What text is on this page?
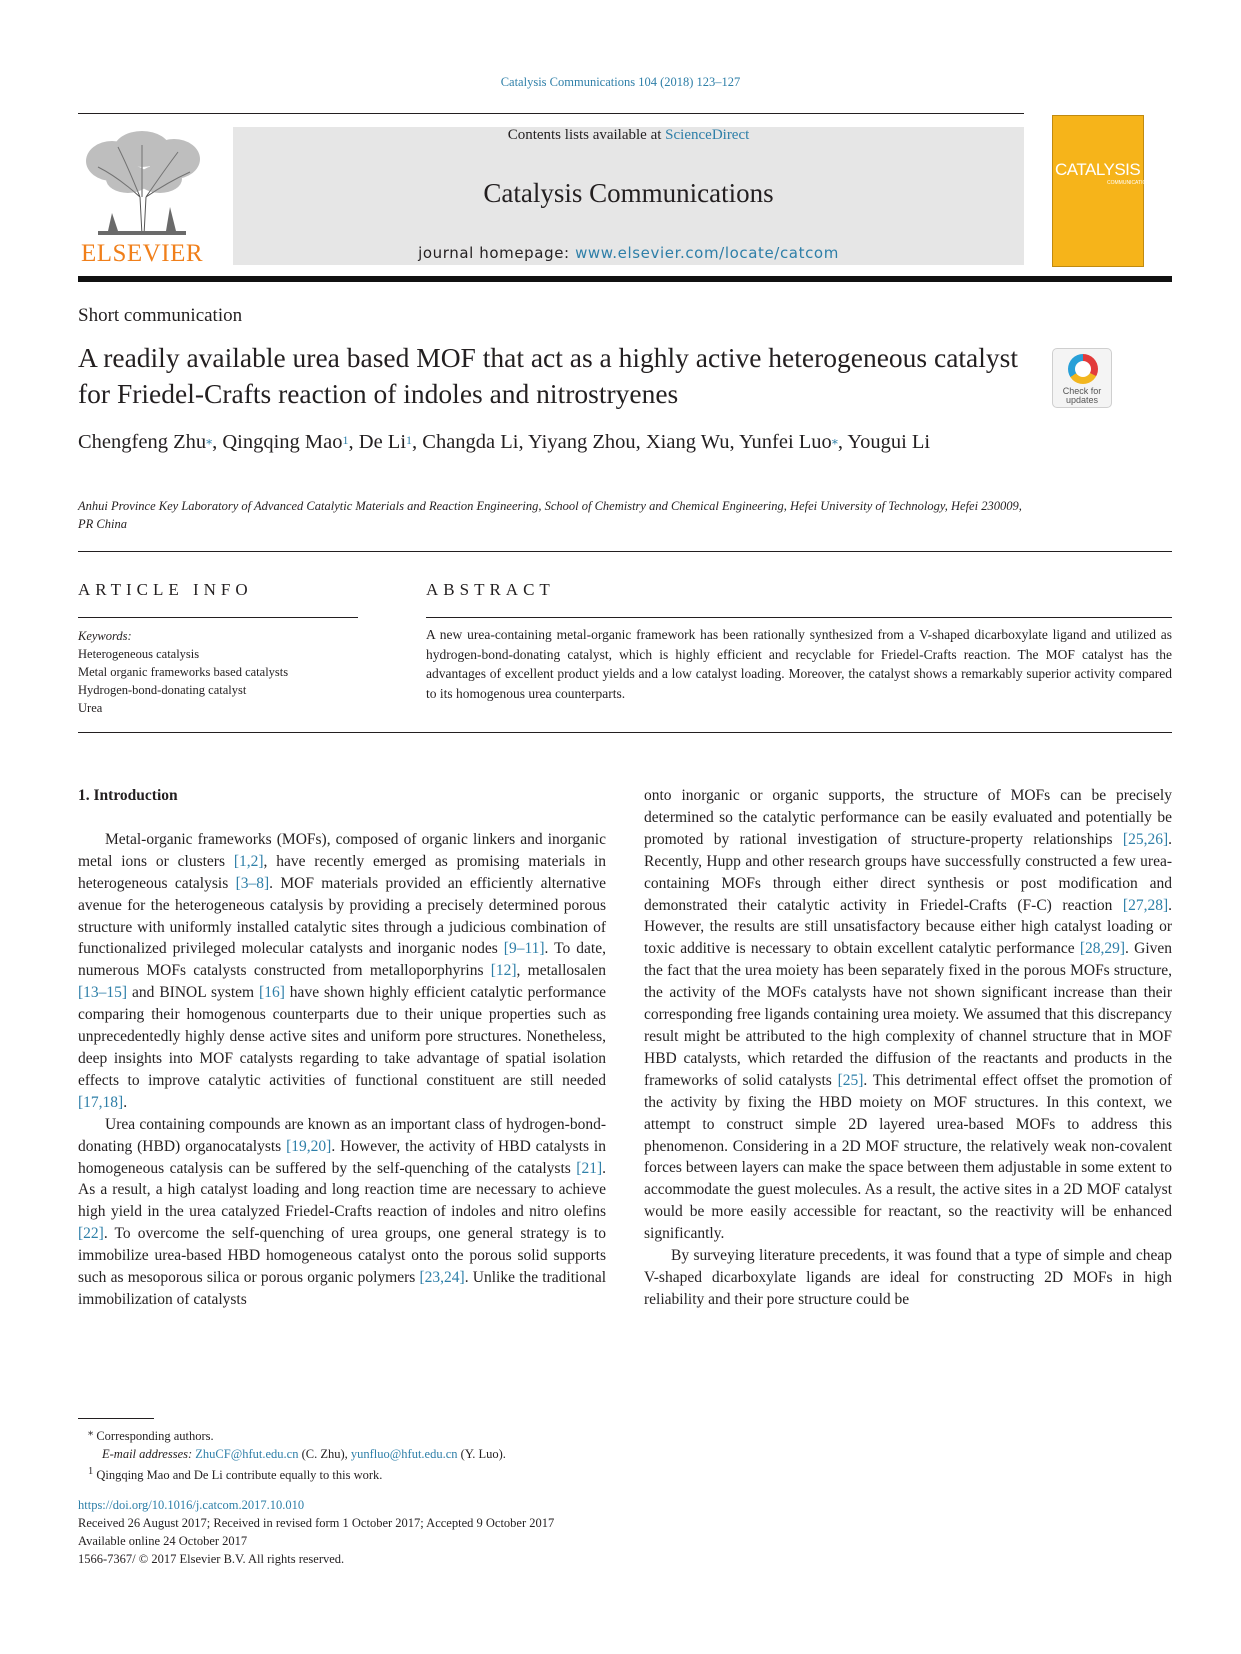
Catalysis Communications 104 (2018) 123–127
ELSEVIER
Contents lists available at ScienceDirect
Catalysis Communications
journal homepage: www.elsevier.com/locate/catcom
CATALYSIS
COMMUNICATIONS
Short communication
A readily available urea based MOF that act as a highly active heterogeneous catalyst for Friedel-Crafts reaction of indoles and nitrostryenes	Check for updates
Chengfeng Zhu⁎, Qingqing Mao$^1$, De Li$^1$, Changda Li, Yiyang Zhou, Xiang Wu, Yunfei Luo⁎, Yougui Li
Anhui Province Key Laboratory of Advanced Catalytic Materials and Reaction Engineering, School of Chemistry and Chemical Engineering, Hefei University of Technology, Hefei 230009, PR China
ARTICLE INFO
Keywords:
Heterogeneous catalysis
Metal organic frameworks based catalysts
Hydrogen-bond-donating catalyst
Urea
ABSTRACT
A new urea-containing metal-organic framework has been rationally synthesized from a V-shaped dicarboxylate ligand and utilized as hydrogen-bond-donating catalyst, which is highly efficient and recyclable for Friedel-Crafts reaction. The MOF catalyst has the advantages of excellent product yields and a low catalyst loading. Moreover, the catalyst shows a remarkably superior activity compared to its homogenous urea counterparts.
1. Introduction

Metal-organic frameworks (MOFs), composed of organic linkers and inorganic metal ions or clusters [1,2], have recently emerged as promising materials in heterogeneous catalysis [3–8]. MOF materials provided an efficiently alternative avenue for the heterogeneous catalysis by providing a precisely determined porous structure with uniformly installed catalytic sites through a judicious combination of functionalized privileged molecular catalysts and inorganic nodes [9–11]. To date, numerous MOFs catalysts constructed from metalloporphyrins [12], metallosalen [13–15] and BINOL system [16] have shown highly efficient catalytic performance comparing their homogenous counterparts due to their unique properties such as unprecedentedly highly dense active sites and uniform pore structures. Nonetheless, deep insights into MOF catalysts regarding to take advantage of spatial isolation effects to improve catalytic activities of functional constituent are still needed [17,18].

Urea containing compounds are known as an important class of hydrogen-bond-donating (HBD) organocatalysts [19,20]. However, the activity of HBD catalysts in homogeneous catalysis can be suffered by the self-quenching of the catalysts [21]. As a result, a high catalyst loading and long reaction time are necessary to achieve high yield in the urea catalyzed Friedel-Crafts reaction of indoles and nitro olefins [22]. To overcome the self-quenching of urea groups, one general strategy is to immobilize urea-based HBD homogeneous catalyst onto the porous solid supports such as mesoporous silica or porous organic polymers [23,24]. Unlike the traditional immobilization of catalysts

onto inorganic or organic supports, the structure of MOFs can be precisely determined so the catalytic performance can be easily evaluated and potentially be promoted by rational investigation of structure-property relationships [25,26]. Recently, Hupp and other research groups have successfully constructed a few urea-containing MOFs through either direct synthesis or post modification and demonstrated their catalytic activity in Friedel-Crafts (F-C) reaction [27,28]. However, the results are still unsatisfactory because either high catalyst loading or toxic additive is necessary to obtain excellent catalytic performance [28,29]. Given the fact that the urea moiety has been separately fixed in the porous MOFs structure, the activity of the MOFs catalysts have not shown significant increase than their corresponding free ligands containing urea moiety. We assumed that this discrepancy result might be attributed to the high complexity of channel structure that in MOF HBD catalysts, which retarded the diffusion of the reactants and products in the frameworks of solid catalysts [25]. This detrimental effect offset the promotion of the activity by fixing the HBD moiety on MOF structures. In this context, we attempt to construct simple 2D layered urea-based MOFs to address this phenomenon. Considering in a 2D MOF structure, the relatively weak non-covalent forces between layers can make the space between them adjustable in some extent to accommodate the guest molecules. As a result, the active sites in a 2D MOF catalyst would be more easily accessible for reactant, so the reactivity will be enhanced significantly.

By surveying literature precedents, it was found that a type of simple and cheap V-shaped dicarboxylate ligands are ideal for constructing 2D MOFs in high reliability and their pore structure could be

⁎ Corresponding authors.
E-mail addresses: ZhuCF@hfut.edu.cn (C. Zhu), yunfluo@hfut.edu.cn (Y. Luo).
$^1$ Qingqing Mao and De Li contribute equally to this work.
https://doi.org/10.1016/j.catcom.2017.10.010
Received 26 August 2017; Received in revised form 1 October 2017; Accepted 9 October 2017
Available online 24 October 2017
1566-7367/ © 2017 Elsevier B.V. All rights reserved.
